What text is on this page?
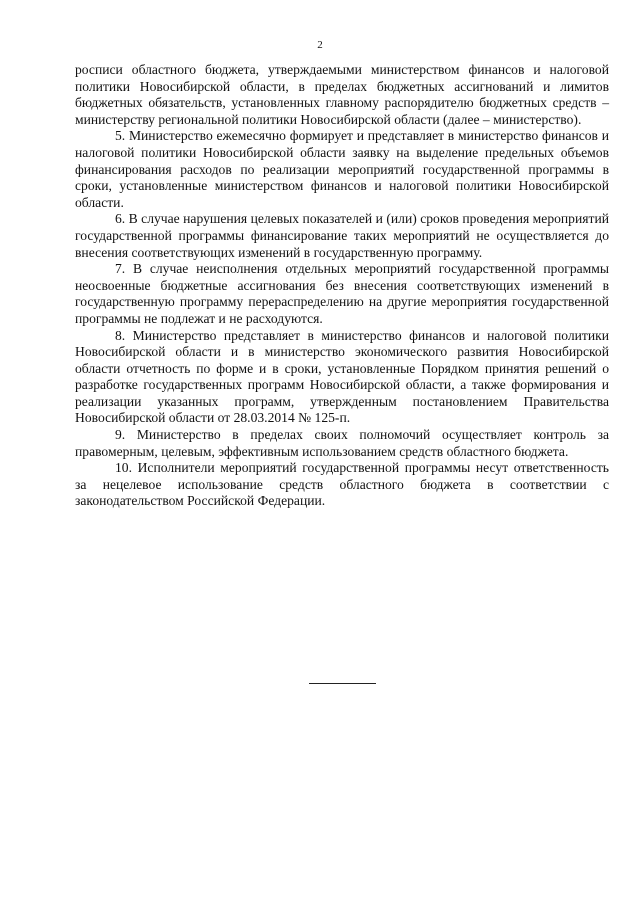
2

росписи областного бюджета, утверждаемыми министерством финансов и налоговой политики Новосибирской области, в пределах бюджетных ассигнований и лимитов бюджетных обязательств, установленных главному распорядителю бюджетных средств – министерству региональной политики Новосибирской области (далее – министерство).

5. Министерство ежемесячно формирует и представляет в министерство финансов и налоговой политики Новосибирской области заявку на выделение предельных объемов финансирования расходов по реализации мероприятий государственной программы в сроки, установленные министерством финансов и налоговой политики Новосибирской области.

6. В случае нарушения целевых показателей и (или) сроков проведения мероприятий государственной программы финансирование таких мероприятий не осуществляется до внесения соответствующих изменений в государственную программу.

7. В случае неисполнения отдельных мероприятий государственной программы неосвоенные бюджетные ассигнования без внесения соответствующих изменений в государственную программу перераспределению на другие мероприятия государственной программы не подлежат и не расходуются.

8. Министерство представляет в министерство финансов и налоговой политики Новосибирской области и в министерство экономического развития Новосибирской области отчетность по форме и в сроки, установленные Порядком принятия решений о разработке государственных программ Новосибирской области, а также формирования и реализации указанных программ, утвержденным постановлением Правительства Новосибирской области от 28.03.2014 № 125-п.

9. Министерство в пределах своих полномочий осуществляет контроль за правомерным, целевым, эффективным использованием средств областного бюджета.

10. Исполнители мероприятий государственной программы несут ответственность за нецелевое использование средств областного бюджета в соответствии с законодательством Российской Федерации.
